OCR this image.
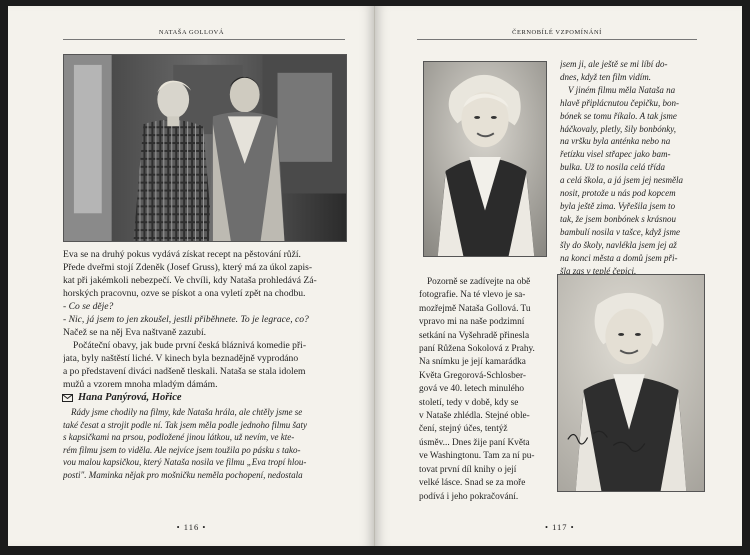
NATAŠA GOLLOVÁ
Eva se na druhý pokus vydává získat recept na pěstování růží.
Přede dveřmi stojí Zdeněk (Josef Gruss), který má za úkol zapis-
kat při jakémkoli nebezpečí. Ve chvíli, kdy Nataša prohledává Zá-
horských pracovnu, ozve se pískot a ona vyletí zpět na chodbu.
- Co se děje?
- Nic, já jsem to jen zkoušel, jestli přiběhnete. To je legrace, co?
Načež se na něj Eva naštvaně zazubí.
Počáteční obavy, jak bude první česká bláznivá komedie při-
jata, byly naštěstí liché. V kinech byla beznadějně vyprodáno
a po představení diváci nadšeně tleskali. Nataša se stala idolem
mužů a vzorem mnoha mladým dámám.
Hana Panýrová, Hořice
Rády jsme chodily na filmy, kde Nataša hrála, ale chtěly jsme se
také česat a strojit podle ní. Tak jsem měla podle jednoho filmu šaty
s kapsičkami na prsou, podložené jinou látkou, už nevím, ve kte-
rém filmu jsem to viděla. Ale nejvíce jsem toužila po pásku s tako-
vou malou kapsičkou, který Nataša nosila ve filmu „Eva tropí hlou-
posti". Maminka nějak pro mošničku neměla pochopení, nedostala
• 116 •
ČERNOBÍLÉ VZPOMÍNÁNÍ
jsem ji, ale ještě se mi líbí do-
dnes, když ten film vidím.
V jiném filmu měla Nataša na
hlavě připlácnutou čepičku, bon-
bónek se tomu říkalo. A tak jsme
háčkovaly, pletly, šily bonbónky,
na vršku byla anténka nebo na
řetízku visel střapec jako bam-
bulka. Už to nosila celá třída
a celá škola, a já jsem jej nesměla
nosit, protože u nás pod kopcem
byla ještě zima. Vyřešila jsem to
tak, že jsem bonbónek s krásnou
bambulí nosila v tašce, když jsme
šly do školy, navlékla jsem jej až
na konci města a domů jsem při-
šla zas v teplé čepici.
Pozorně se zadívejte na obě
fotografie. Na té vlevo je sa-
mozřejmě Nataša Gollová. Tu
vpravo mi na naše podzimní
setkání na Vyšehradě přinesla
paní Růžena Sokolová z Prahy.
Na snímku je její kamarádka
Květa Gregorová-Schlosber-
gová ve 40. letech minulého
století, tedy v době, kdy se
v Nataše zhlédla. Stejné oble-
čení, stejný účes, tentýž
úsměv... Dnes žije paní Květa
ve Washingtonu. Tam za ní pu-
tovat první díl knihy o její
velké lásce. Snad se za moře
podívá i jeho pokračování.
• 117 •
